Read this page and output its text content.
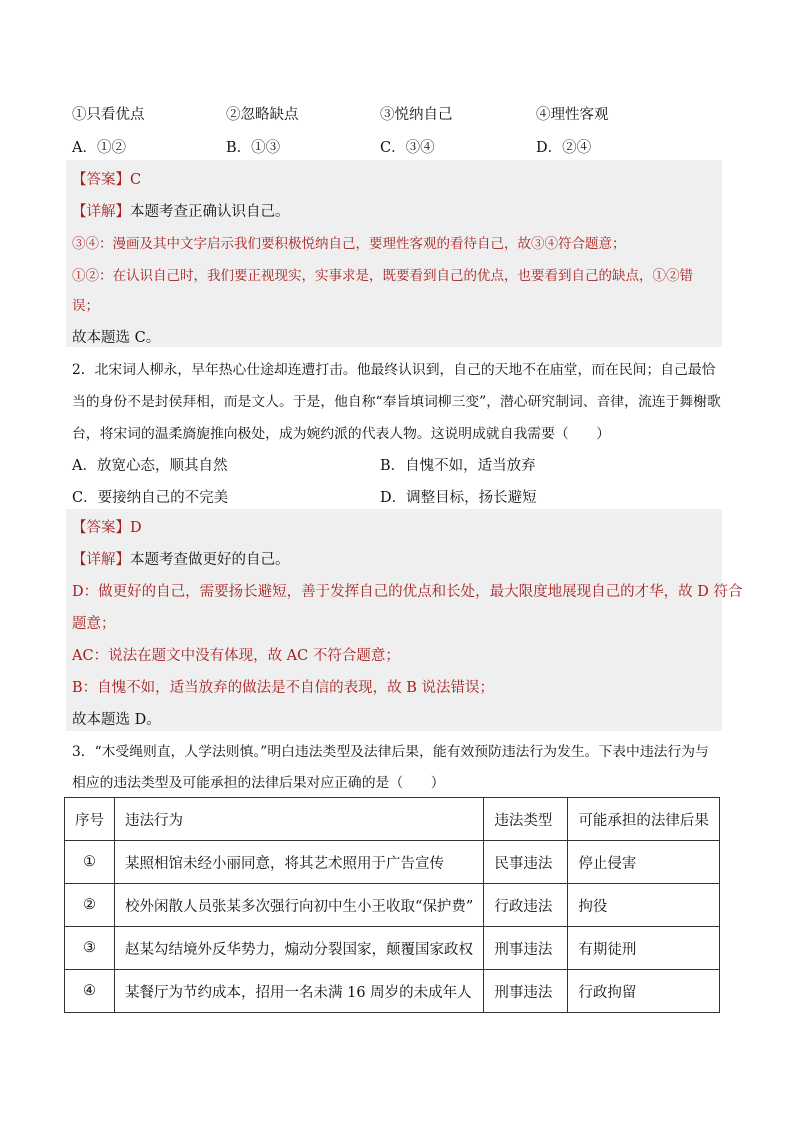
①只看优点	②忽略缺点	③悦纳自己	④理性客观
A．①②	B．①③	C．③④	D．②④
【答案】C
【详解】本题考查正确认识自己。
③④：漫画及其中文字启示我们要积极悦纳自己，要理性客观的看待自己，故③④符合题意；
①②：在认识自己时，我们要正视现实，实事求是，既要看到自己的优点，也要看到自己的缺点，①②错
误；
故本题选 C。
2．北宋词人柳永，早年热心仕途却连遭打击。他最终认识到，自己的天地不在庙堂，而在民间；自己最恰
当的身份不是封侯拜相，而是文人。于是，他自称“奉旨填词柳三变”，潜心研究制词、音律，流连于舞榭歌
台，将宋词的温柔旖旎推向极处，成为婉约派的代表人物。这说明成就自我需要（　　）
A．放宽心态，顺其自然	B．自愧不如，适当放弃
C．要接纳自己的不完美	D．调整目标，扬长避短
【答案】D
【详解】本题考查做更好的自己。
D：做更好的自己，需要扬长避短，善于发挥自己的优点和长处，最大限度地展现自己的才华，故 D 符合
题意；
AC：说法在题文中没有体现，故 AC 不符合题意；
B：自愧不如，适当放弃的做法是不自信的表现，故 B 说法错误；
故本题选 D。
3．“木受绳则直，人学法则慎。”明白违法类型及法律后果，能有效预防违法行为发生。下表中违法行为与
相应的违法类型及可能承担的法律后果对应正确的是（　　）
序号	违法行为	违法类型	可能承担的法律后果
①	某照相馆未经小丽同意，将其艺术照用于广告宣传	民事违法	停止侵害
②	校外闲散人员张某多次强行向初中生小王收取“保护费”	行政违法	拘役
③	赵某勾结境外反华势力，煽动分裂国家，颠覆国家政权	刑事违法	有期徒刑
④	某餐厅为节约成本，招用一名未满 16 周岁的未成年人	刑事违法	行政拘留
